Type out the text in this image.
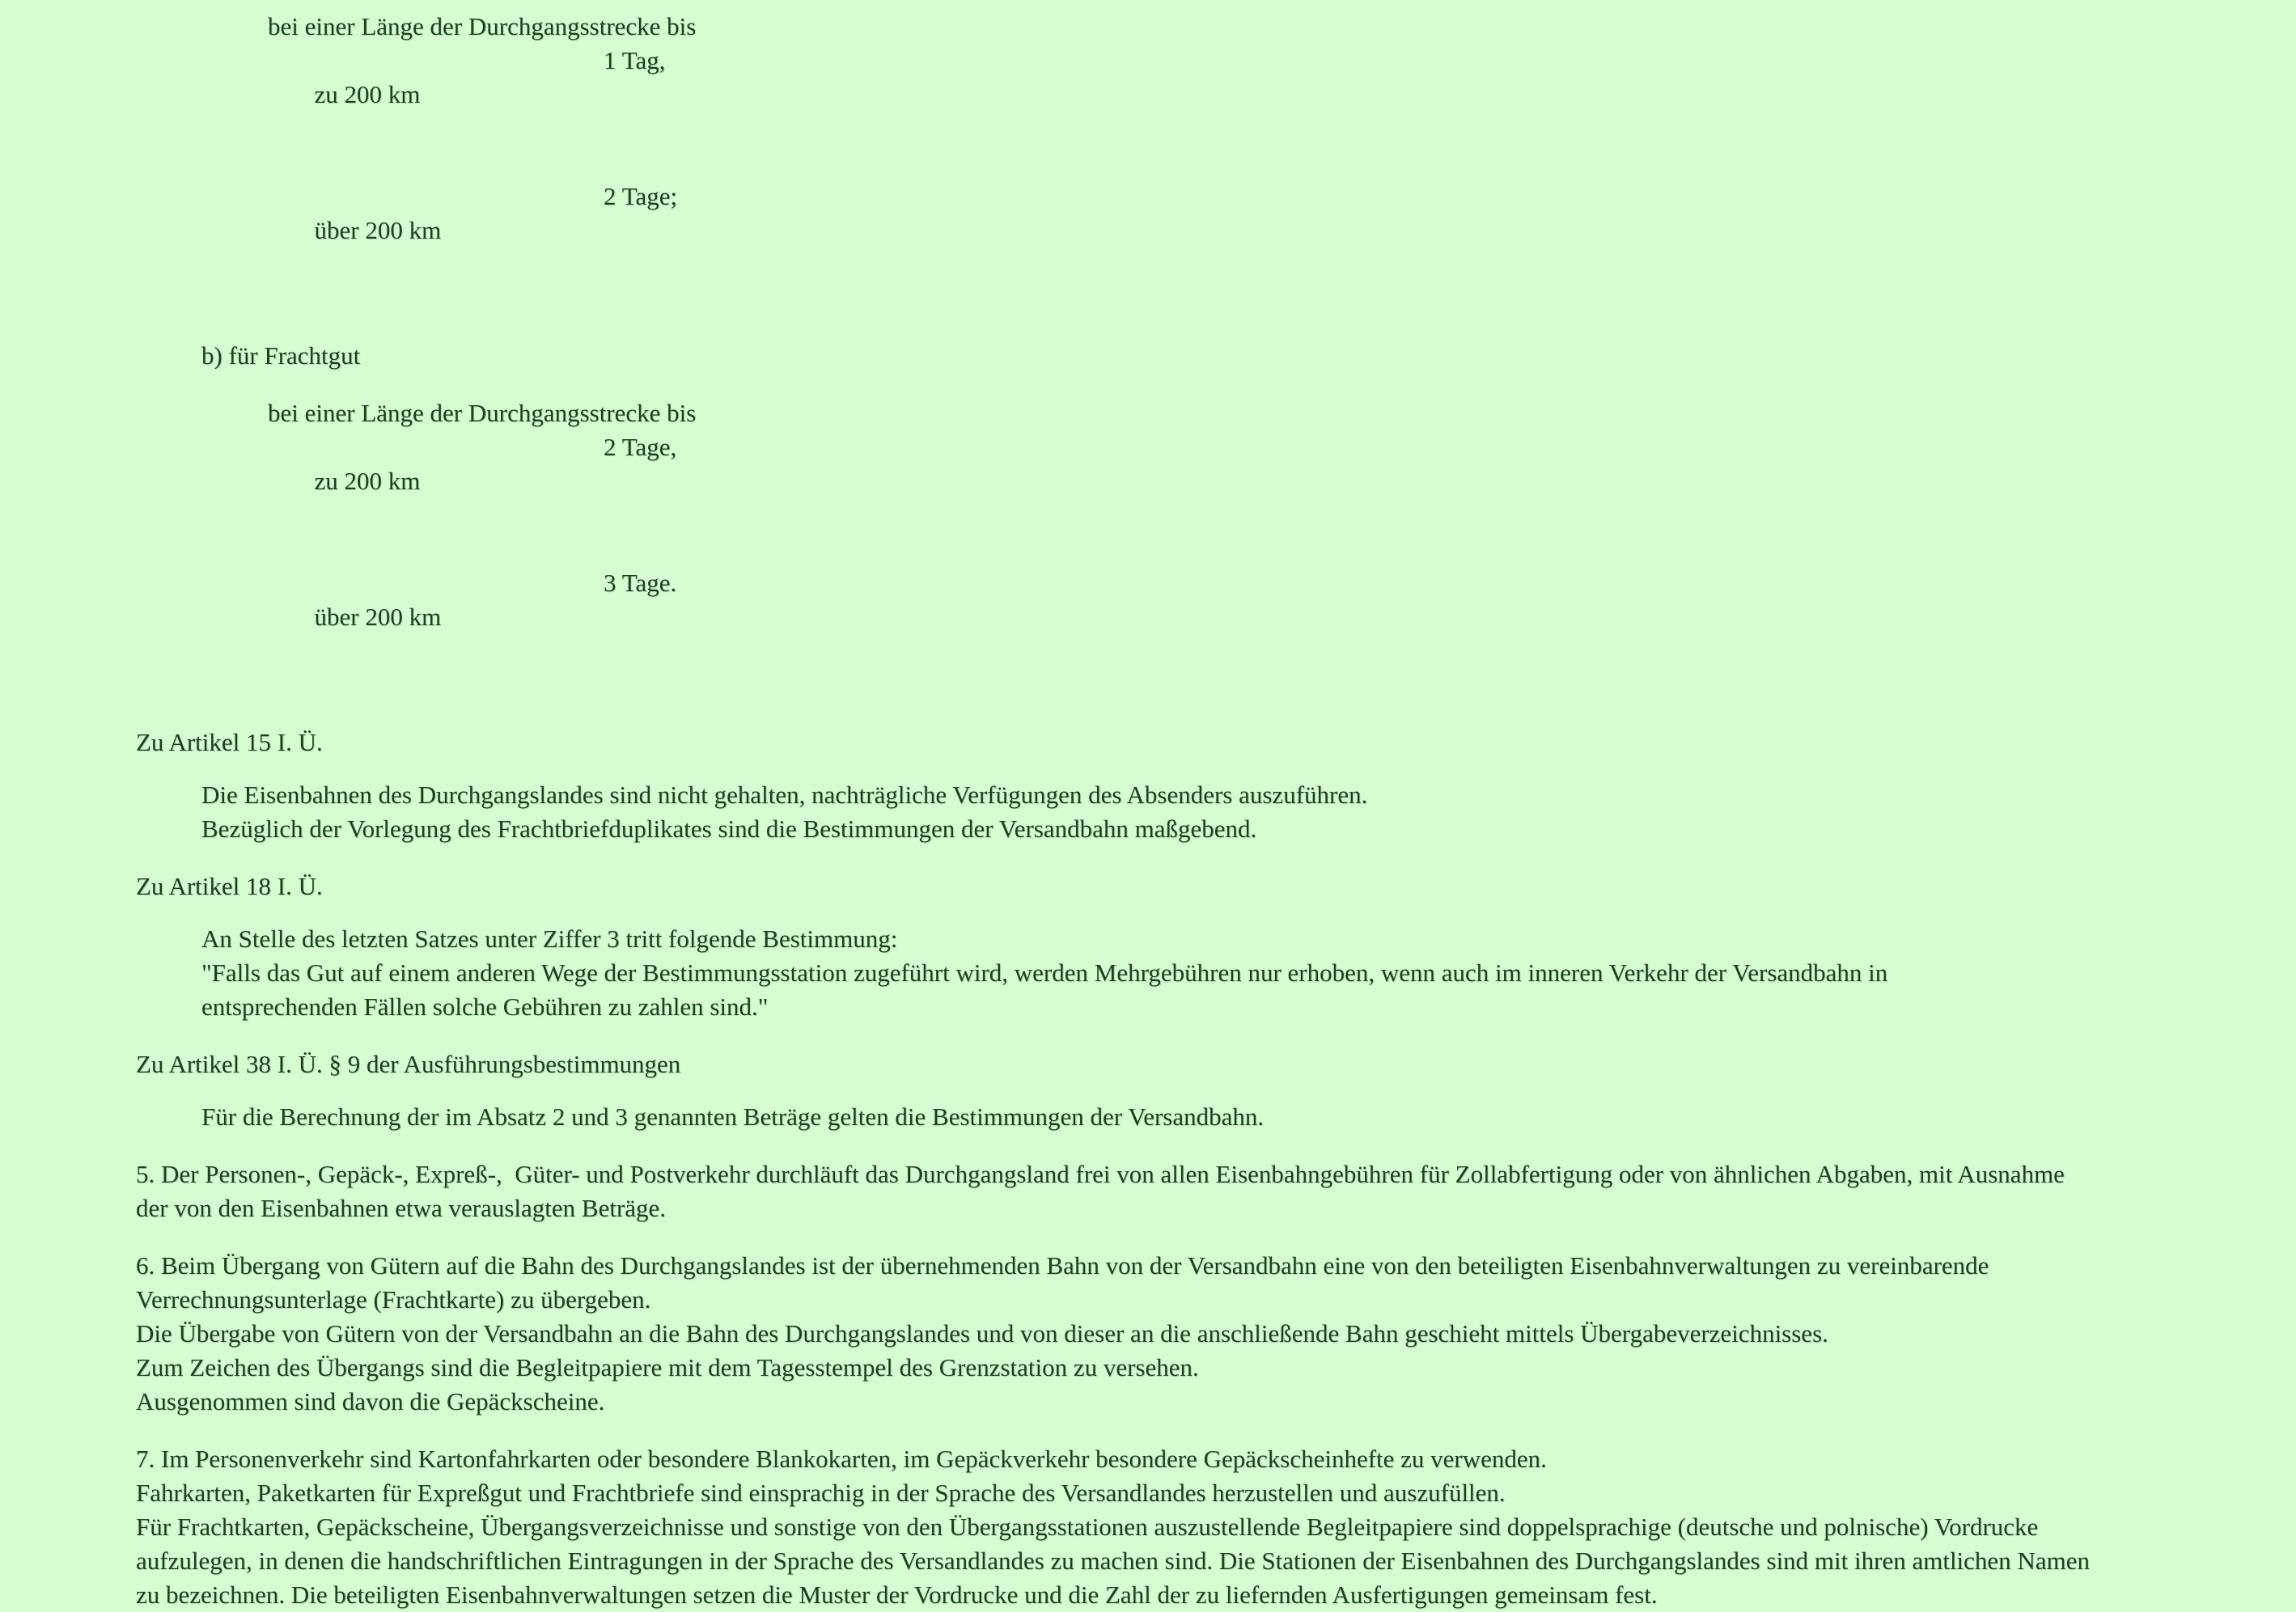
bei einer Länge der Durchgangsstrecke bis

zu 200 km

1 Tag,

über 200 km

2 Tage;

b) für Frachtgut
bei einer Länge der Durchgangsstrecke bis

zu 200 km

2 Tage,

über 200 km

3 Tage.

Zu Artikel 15 I. Ü.
Die Eisenbahnen des Durchgangslandes sind nicht gehalten, nachträgliche Verfügungen des Absenders auszuführen.
Bezüglich der Vorlegung des Frachtbriefduplikates sind die Bestimmungen der Versandbahn maßgebend.
Zu Artikel 18 I. Ü.
An Stelle des letzten Satzes unter Ziffer 3 tritt folgende Bestimmung:
"Falls das Gut auf einem anderen Wege der Bestimmungsstation zugeführt wird, werden Mehrgebühren nur erhoben, wenn auch im inneren Verkehr der Versandbahn in
entsprechenden Fällen solche Gebühren zu zahlen sind."
Zu Artikel 38 I. Ü. § 9 der Ausführungsbestimmungen
Für die Berechnung der im Absatz 2 und 3 genannten Beträge gelten die Bestimmungen der Versandbahn.
5. Der Personen-, Gepäck-, Expreß-,  Güter- und Postverkehr durchläuft das Durchgangsland frei von allen Eisenbahngebühren für Zollabfertigung oder von ähnlichen Abgaben, mit Ausnahme
der von den Eisenbahnen etwa verauslagten Beträge.
6. Beim Übergang von Gütern auf die Bahn des Durchgangslandes ist der übernehmenden Bahn von der Versandbahn eine von den beteiligten Eisenbahnverwaltungen zu vereinbarende
Verrechnungsunterlage (Frachtkarte) zu übergeben.
Die Übergabe von Gütern von der Versandbahn an die Bahn des Durchgangslandes und von dieser an die anschließende Bahn geschieht mittels Übergabeverzeichnisses.
Zum Zeichen des Übergangs sind die Begleitpapiere mit dem Tagesstempel des Grenzstation zu versehen.
Ausgenommen sind davon die Gepäckscheine.
7. Im Personenverkehr sind Kartonfahrkarten oder besondere Blankokarten, im Gepäckverkehr besondere Gepäckscheinhefte zu verwenden.
Fahrkarten, Paketkarten für Expreßgut und Frachtbriefe sind einsprachig in der Sprache des Versandlandes herzustellen und auszufüllen.
Für Frachtkarten, Gepäckscheine, Übergangsverzeichnisse und sonstige von den Übergangsstationen auszustellende Begleitpapiere sind doppelsprachige (deutsche und polnische) Vordrucke
aufzulegen, in denen die handschriftlichen Eintragungen in der Sprache des Versandlandes zu machen sind. Die Stationen der Eisenbahnen des Durchgangslandes sind mit ihren amtlichen Namen
zu bezeichnen. Die beteiligten Eisenbahnverwaltungen setzen die Muster der Vordrucke und die Zahl der zu liefernden Ausfertigungen gemeinsam fest.
